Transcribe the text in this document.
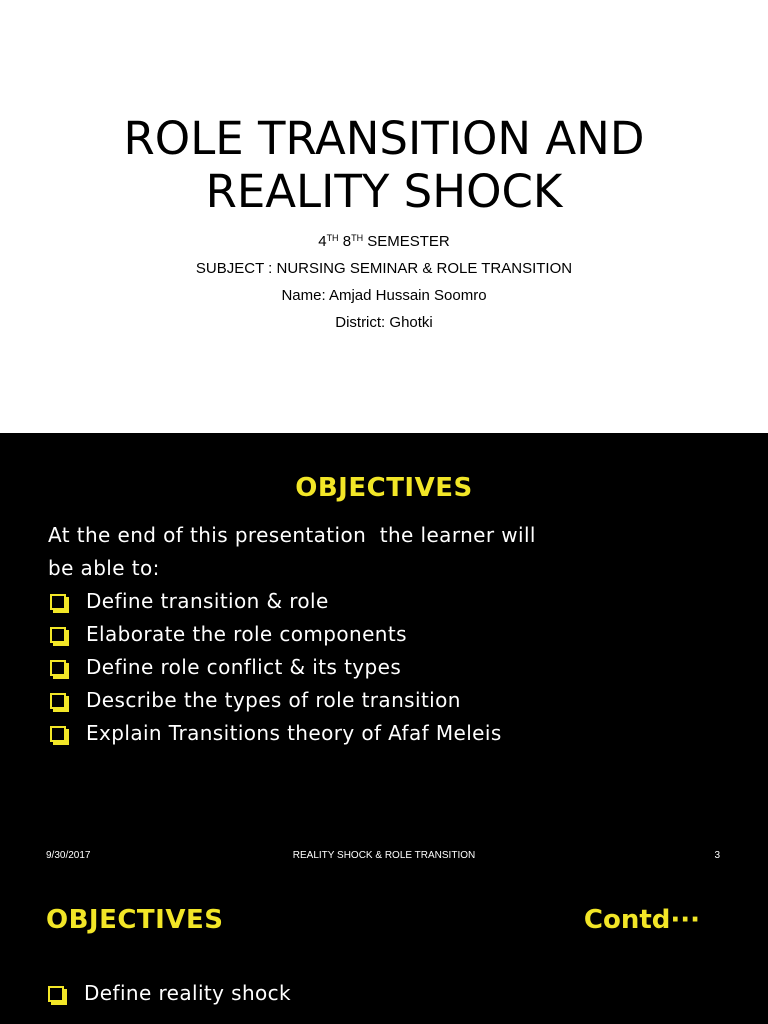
ROLE TRANSITION AND
REALITY SHOCK
4TH 8TH SEMESTER
SUBJECT : NURSING SEMINAR & ROLE TRANSITION
Name: Amjad Hussain Soomro
District: Ghotki
OBJECTIVES
At the end of this presentation  the learner will
be able to:
Define transition & role
Elaborate the role components
Define role conflict & its types
Describe the types of role transition
Explain Transitions theory of Afaf Meleis
9/30/2017	REALITY SHOCK & ROLE TRANSITION	3
OBJECTIVES	Contd···
Define reality shock
